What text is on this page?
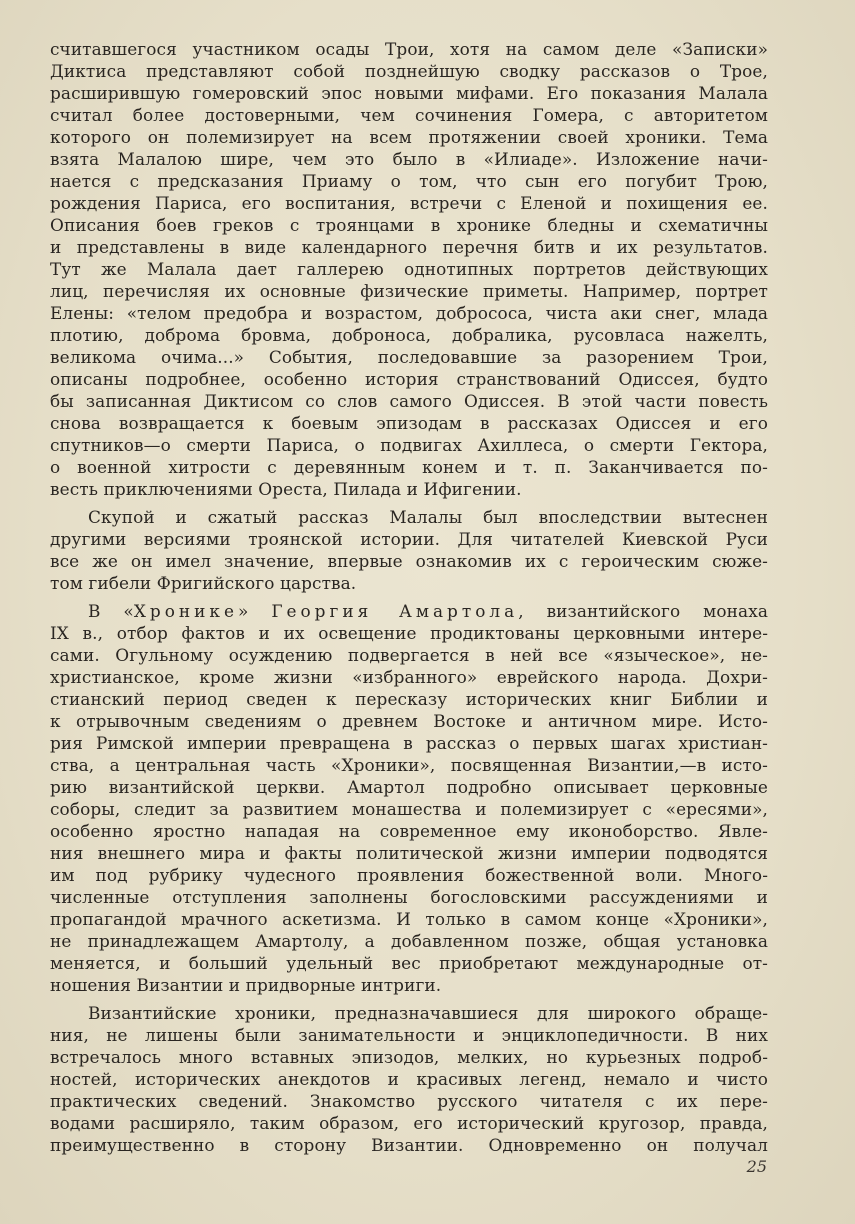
считавшегося участником осады Трои, хотя на самом деле «Записки»
Диктиса представляют собой позднейшую сводку рассказов о Трое,
расширившую гомеровский эпос новыми мифами. Его показания Малала
считал более достоверными, чем сочинения Гомера, с авторитетом
которого он полемизирует на всем протяжении своей хроники. Тема
взята Малалою шире, чем это было в «Илиаде». Изложение начи-
нается с предсказания Приаму о том, что сын его погубит Трою,
рождения Париса, его воспитания, встречи с Еленой и похищения ее.
Описания боев греков с троянцами в хронике бледны и схематичны
и представлены в виде календарного перечня битв и их результатов.
Тут же Малала дает галлерею однотипных портретов действующих
лиц, перечисляя их основные физические приметы. Например, портрет
Елены: «телом предобра и возрастом, добрососа, чиста аки снег, млада
плотию, доброма бровма, доброноса, добралика, русовласа нажелть,
великома очима...» События, последовавшие за разорением Трои,
описаны подробнее, особенно история странствований Одиссея, будто
бы записанная Диктисом со слов самого Одиссея. В этой части повесть
снова возвращается к боевым эпизодам в рассказах Одиссея и его
спутников—о смерти Париса, о подвигах Ахиллеса, о смерти Гектора,
о военной хитрости с деревянным конем и т. п. Заканчивается по-
весть приключениями Ореста, Пилада и Ифигении.

Скупой и сжатый рассказ Малалы был впоследствии вытеснен
другими версиями троянской истории. Для читателей Киевской Руси
все же он имел значение, впервые ознакомив их с героическим сюже-
том гибели Фригийского царства.

В «Хронике» Георгия Амартола, византийского монаха
IX в., отбор фактов и их освещение продиктованы церковными интере-
сами. Огульному осуждению подвергается в ней все «языческое», не-
христианское, кроме жизни «избранного» еврейского народа. Дохри-
стианский период сведен к пересказу исторических книг Библии и
к отрывочным сведениям о древнем Востоке и античном мире. Исто-
рия Римской империи превращена в рассказ о первых шагах христиан-
ства, а центральная часть «Хроники», посвященная Византии,—в исто-
рию византийской церкви. Амартол подробно описывает церковные
соборы, следит за развитием монашества и полемизирует с «ересями»,
особенно яростно нападая на современное ему иконоборство. Явле-
ния внешнего мира и факты политической жизни империи подводятся
им под рубрику чудесного проявления божественной воли. Много-
численные отступления заполнены богословскими рассуждениями и
пропагандой мрачного аскетизма. И только в самом конце «Хроники»,
не принадлежащем Амартолу, а добавленном позже, общая установка
меняется, и больший удельный вес приобретают международные от-
ношения Византии и придворные интриги.

Византийские хроники, предназначавшиеся для широкого обраще-
ния, не лишены были занимательности и энциклопедичности. В них
встречалось много вставных эпизодов, мелких, но курьезных подроб-
ностей, исторических анекдотов и красивых легенд, немало и чисто
практических сведений. Знакомство русского читателя с их пере-
водами расширяло, таким образом, его исторический кругозор, правда,
преимущественно в сторону Византии. Одновременно он получал

25
